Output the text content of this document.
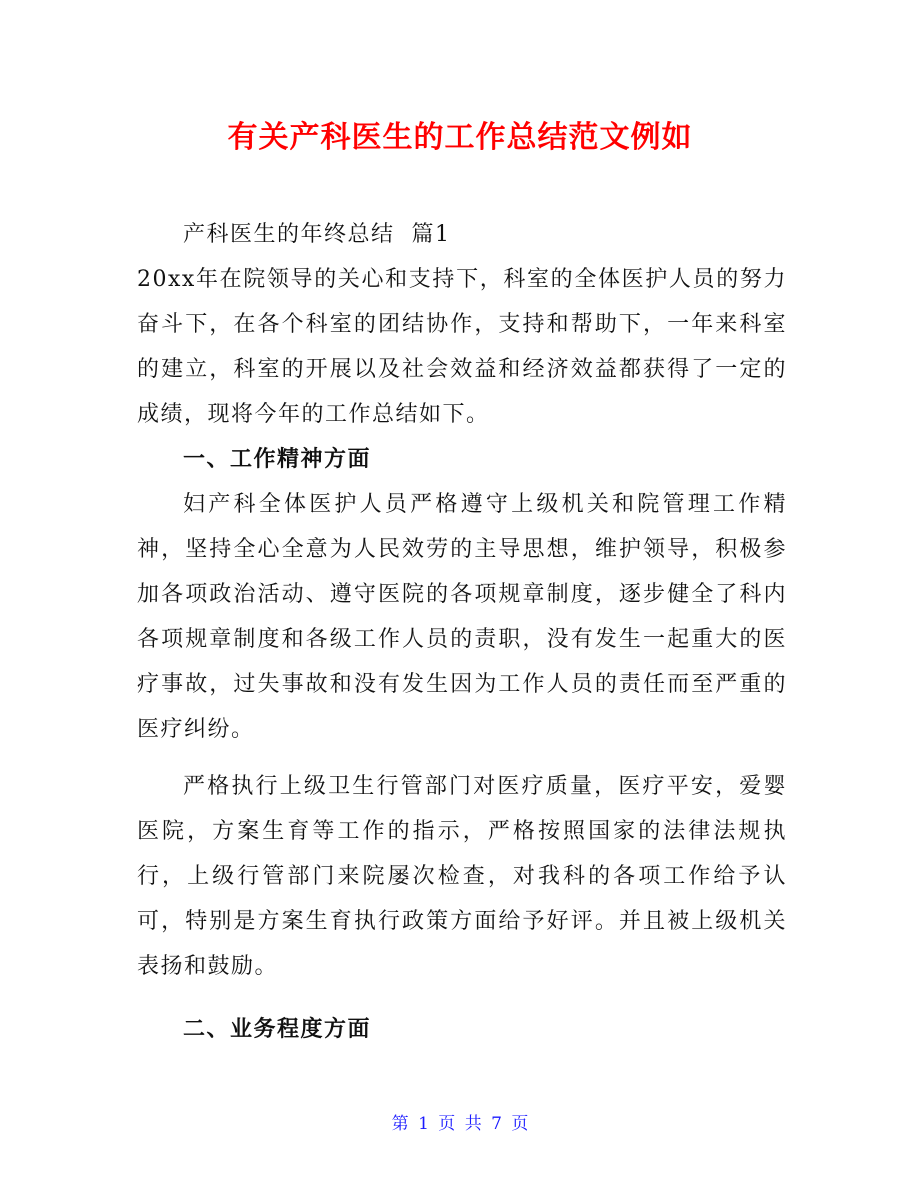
有关产科医生的工作总结范文例如

产科医生的年终总结  篇1

20xx年在院领导的关心和支持下，科室的全体医护人员的努力奋斗下，在各个科室的团结协作，支持和帮助下，一年来科室的建立，科室的开展以及社会效益和经济效益都获得了一定的成绩，现将今年的工作总结如下。

一、工作精神方面

妇产科全体医护人员严格遵守上级机关和院管理工作精神，坚持全心全意为人民效劳的主导思想，维护领导，积极参加各项政治活动、遵守医院的各项规章制度，逐步健全了科内各项规章制度和各级工作人员的责职，没有发生一起重大的医疗事故，过失事故和没有发生因为工作人员的责任而至严重的医疗纠纷。

严格执行上级卫生行管部门对医疗质量，医疗平安，爱婴医院，方案生育等工作的指示，严格按照国家的法律法规执行，上级行管部门来院屡次检查，对我科的各项工作给予认可，特别是方案生育执行政策方面给予好评。并且被上级机关表扬和鼓励。

二、业务程度方面

第 1 页 共 7 页
